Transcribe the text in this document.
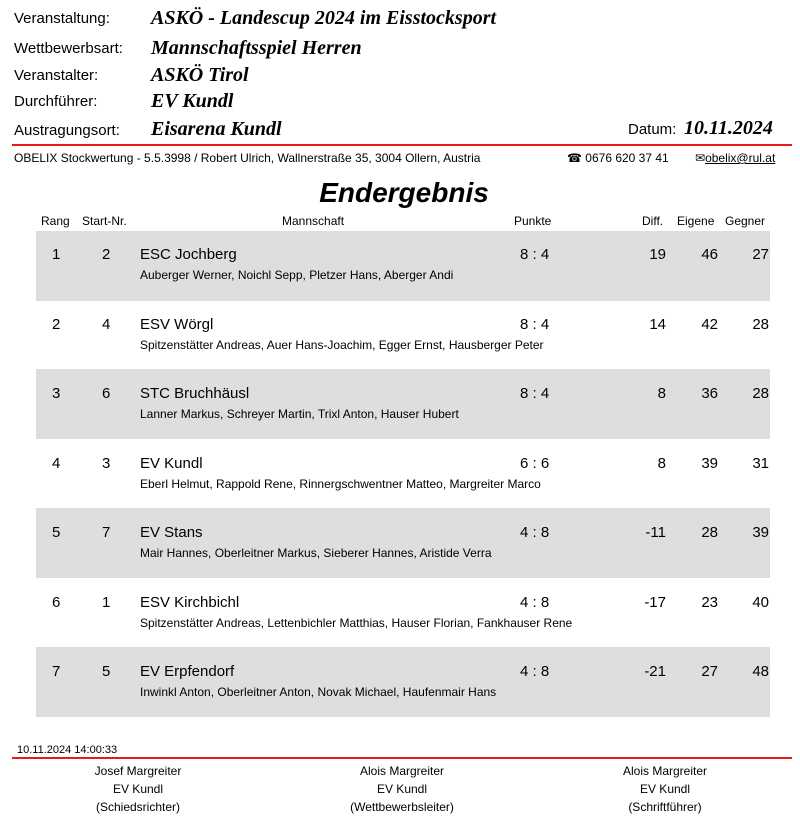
Veranstaltung: ASKÖ - Landescup 2024 im Eisstocksport
Wettbewerbsart: Mannschaftsspiel Herren
Veranstalter:	ASKÖ Tirol
Durchführer:	EV Kundl
Austragungsort: Eisarena Kundl	Datum: 10.11.2024
OBELIX Stockwertung - 5.5.3998 / Robert Ulrich, Wallnerstraße 35, 3004 Ollern, Austria	☎ 0676 620 37 41 ✉obelix@rul.at
Endergebnis
Rang Start-Nr.	Mannschaft	Punkte	Diff. Eigene Gegner
1	2 ESC Jochberg	8 : 4	19 46 27
Auberger Werner, Noichl Sepp, Pletzer Hans, Aberger Andi
2	4 ESV Wörgl	8 : 4	14 42 28
Spitzenstätter Andreas, Auer Hans-Joachim, Egger Ernst, Hausberger Peter
3	6 STC Bruchhäusl	8 : 4	8 36 28
Lanner Markus, Schreyer Martin, Trixl Anton, Hauser Hubert
4	3 EV Kundl	6 : 6	8 39 31
Eberl Helmut, Rappold Rene, Rinnergschwentner Matteo, Margreiter Marco
5	7 EV Stans	4 : 8	-11 28 39
Mair Hannes, Oberleitner Markus, Sieberer Hannes, Aristide Verra
6	1 ESV Kirchbichl	4 : 8	-17 23 40
Spitzenstätter Andreas, Lettenbichler Matthias, Hauser Florian, Fankhauser Rene
7	5 EV Erpfendorf	4 : 8	-21 27 48
Inwinkl Anton, Oberleitner Anton, Novak Michael, Haufenmair Hans
10.11.2024 14:00:33
Josef Margreiter
EV Kundl
(Schiedsrichter)
Alois Margreiter
EV Kundl
(Wettbewerbsleiter)
Alois Margreiter
EV Kundl
(Schriftführer)
